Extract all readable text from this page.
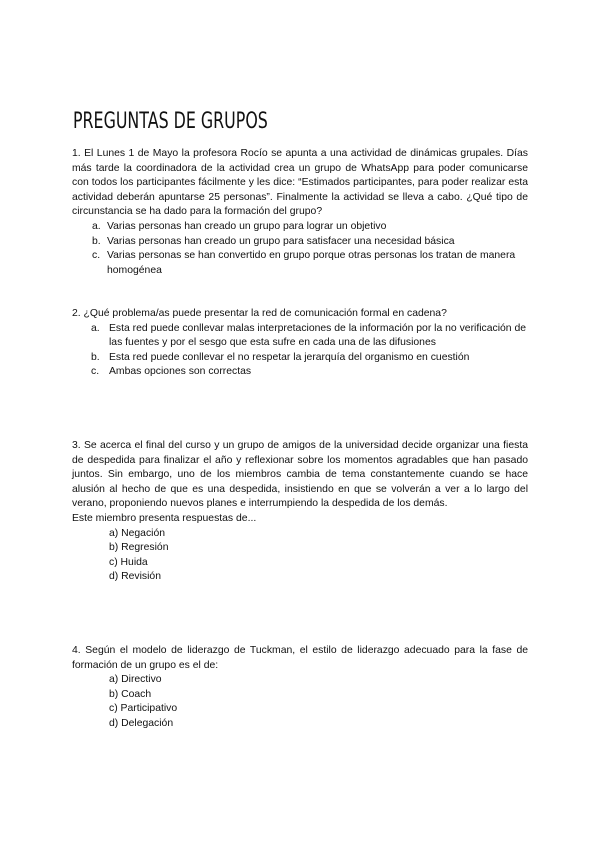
PREGUNTAS DE GRUPOS

1. El Lunes 1 de Mayo la profesora Rocío se apunta a una actividad de dinámicas grupales. Días más tarde la coordinadora de la actividad crea un grupo de WhatsApp para poder comunicarse con todos los participantes fácilmente y les dice: “Estimados participantes, para poder realizar esta actividad deberán apuntarse 25 personas”. Finalmente la actividad se lleva a cabo. ¿Qué tipo de circunstancia se ha dado para la formación del grupo?

a. Varias personas han creado un grupo para lograr un objetivo
b. Varias personas han creado un grupo para satisfacer una necesidad básica
c. Varias personas se han convertido en grupo porque otras personas los tratan de manera homogénea

2. ¿Qué problema/as puede presentar la red de comunicación formal en cadena?

a. Esta red puede conllevar malas interpretaciones de la información por la no verificación de las fuentes y por el sesgo que esta sufre en cada una de las difusiones
b. Esta red puede conllevar el no respetar la jerarquía del organismo en cuestión
c. Ambas opciones son correctas

3. Se acerca el final del curso y un grupo de amigos de la universidad decide organizar una fiesta de despedida para finalizar el año y reflexionar sobre los momentos agradables que han pasado juntos. Sin embargo, uno de los miembros cambia de tema constantemente cuando se hace alusión al hecho de que es una despedida, insistiendo en que se volverán a ver a lo largo del verano, proponiendo nuevos planes e interrumpiendo la despedida de los demás.

Este miembro presenta respuestas de...

a) Negación
b) Regresión
c) Huida
d) Revisión

4. Según el modelo de liderazgo de Tuckman, el estilo de liderazgo adecuado para la fase de formación de un grupo es el de:

a) Directivo
b) Coach
c) Participativo
d) Delegación
